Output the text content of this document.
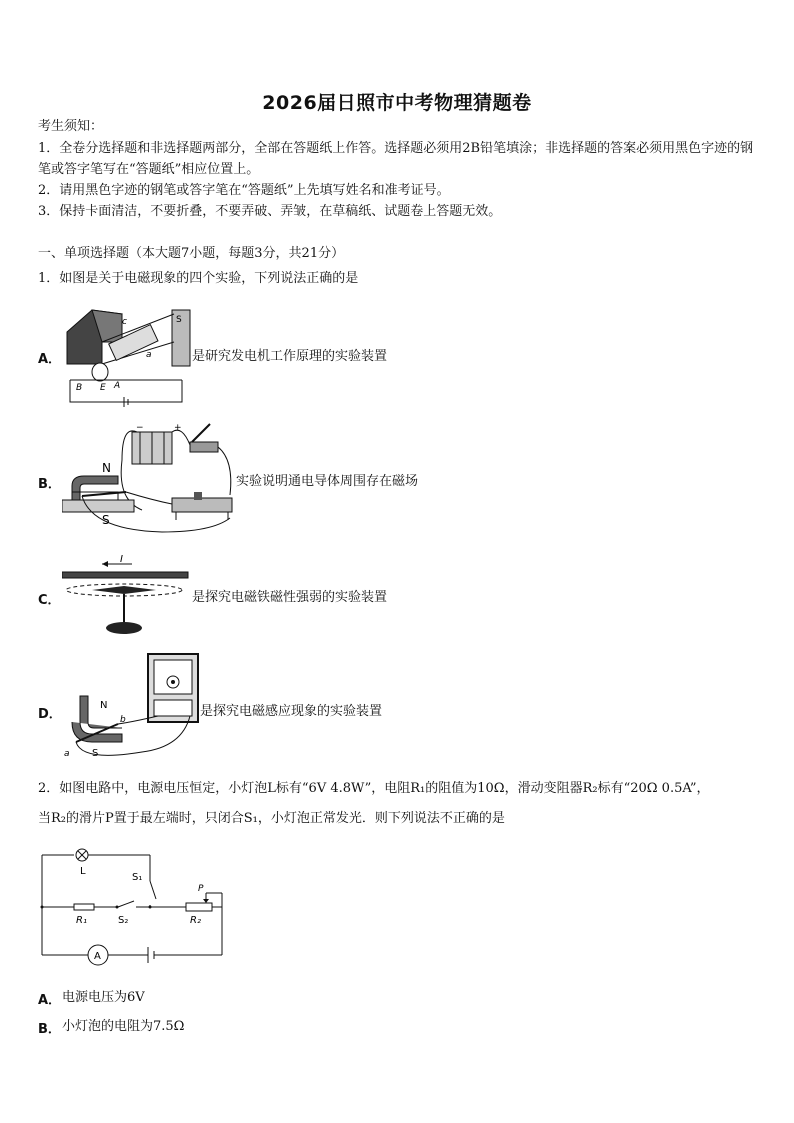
2026届日照市中考物理猜题卷
考生须知：
1．全卷分选择题和非选择题两部分，全部在答题纸上作答。选择题必须用2B铅笔填涂；非选择题的答案必须用黑色字迹的钢笔或答字笔写在“答题纸”相应位置上。
2．请用黑色字迹的钢笔或答字笔在“答题纸”上先填写姓名和准考证号。
3．保持卡面清洁，不要折叠，不要弄破、弄皱，在草稿纸、试题卷上答题无效。
一、单项选择题（本大题7小题，每题3分，共21分）
1．如图是关于电磁现象的四个实验，下列说法正确的是
A．
B E A
c
a
S
是研究发电机工作原理的实验装置
B．
−	+
N
S
实验说明通电导体周围存在磁场
C．
I
是探究电磁铁磁性强弱的实验装置
D．
N
S
a
b
是探究电磁感应现象的实验装置
2．如图电路中，电源电压恒定，小灯泡L标有“6V 4.8W”，电阻R₁的阻值为10Ω，滑动变阻器R₂标有“20Ω 0.5A”，
当R₂的滑片P置于最左端时，只闭合S₁，小灯泡正常发光．则下列说法不正确的是
A
L
S₁
R₁	S₂
P
R₂
A． 电源电压为6V
B． 小灯泡的电阻为7.5Ω
